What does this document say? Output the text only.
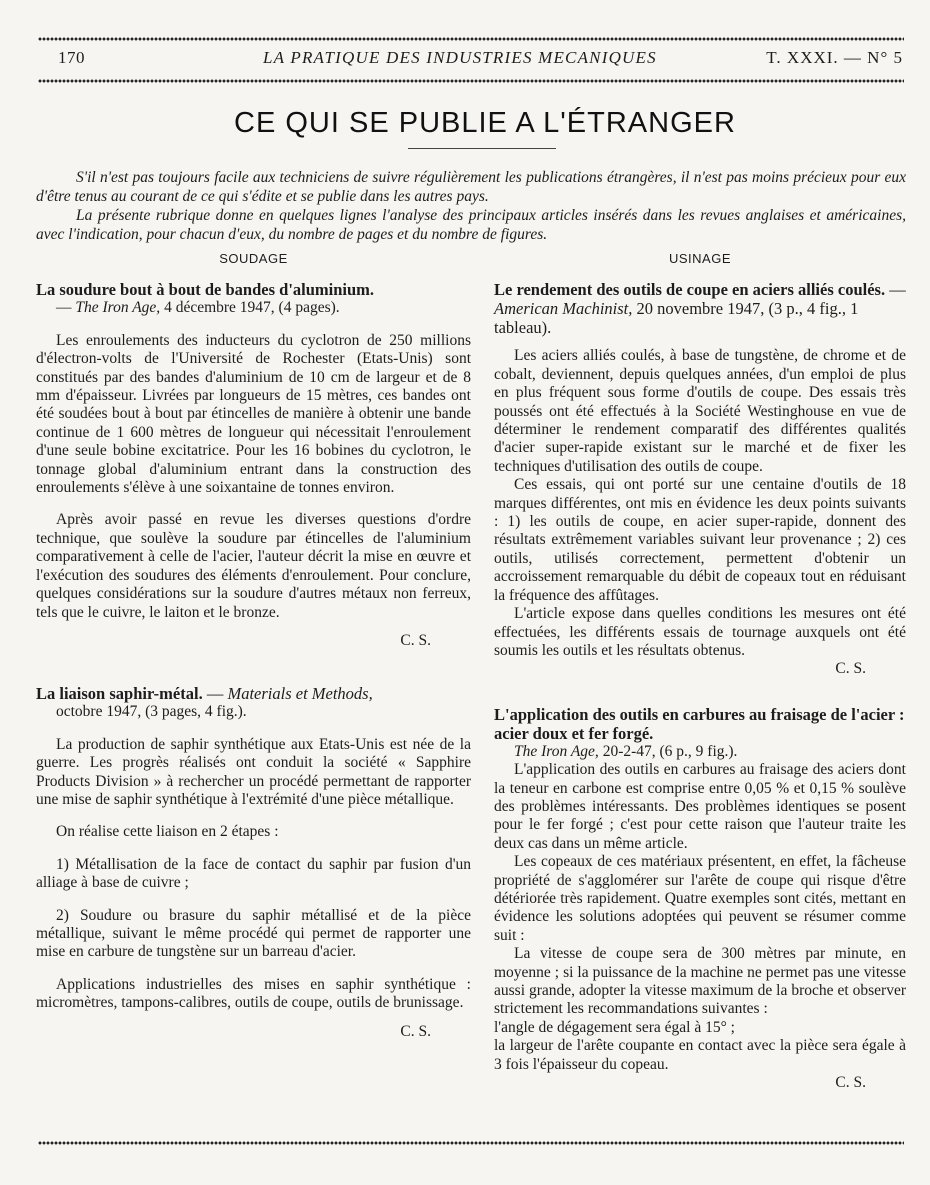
170	LA PRATIQUE DES INDUSTRIES MECANIQUES	T. XXXI. — N° 5
CE QUI SE PUBLIE A L'ÉTRANGER

S'il n'est pas toujours facile aux techniciens de suivre régulièrement les publications étrangères, il n'est pas moins précieux pour eux d'être tenus au courant de ce qui s'édite et se publie dans les autres pays.

La présente rubrique donne en quelques lignes l'analyse des principaux articles insérés dans les revues anglaises et américaines, avec l'indication, pour chacun d'eux, du nombre de pages et du nombre de figures.

SOUDAGE

La soudure bout à bout de bandes d'aluminium.

— The Iron Age, 4 décembre 1947, (4 pages).

Les enroulements des inducteurs du cyclotron de 250 millions d'électron-volts de l'Université de Rochester (Etats-Unis) sont constitués par des bandes d'aluminium de 10 cm de largeur et de 8 mm d'épaisseur. Livrées par longueurs de 15 mètres, ces bandes ont été soudées bout à bout par étincelles de manière à obtenir une bande continue de 1 600 mètres de longueur qui nécessitait l'enroulement d'une seule bobine excitatrice. Pour les 16 bobines du cyclotron, le tonnage global d'aluminium entrant dans la construction des enroulements s'élève à une soixantaine de tonnes environ.

Après avoir passé en revue les diverses questions d'ordre technique, que soulève la soudure par étincelles de l'aluminium comparativement à celle de l'acier, l'auteur décrit la mise en œuvre et l'exécution des soudures des éléments d'enroulement. Pour conclure, quelques considérations sur la soudure d'autres métaux non ferreux, tels que le cuivre, le laiton et le bronze.

C. S.

La liaison saphir-métal. — Materials et Methods,

octobre 1947, (3 pages, 4 fig.).

La production de saphir synthétique aux Etats-Unis est née de la guerre. Les progrès réalisés ont conduit la société « Sapphire Products Division » à rechercher un procédé permettant de rapporter une mise de saphir synthétique à l'extrémité d'une pièce métallique.

On réalise cette liaison en 2 étapes :

1) Métallisation de la face de contact du saphir par fusion d'un alliage à base de cuivre ;

2) Soudure ou brasure du saphir métallisé et de la pièce métallique, suivant le même procédé qui permet de rapporter une mise en carbure de tungstène sur un barreau d'acier.

Applications industrielles des mises en saphir synthétique : micromètres, tampons-calibres, outils de coupe, outils de brunissage.

C. S.
USINAGE

Le rendement des outils de coupe en aciers alliés coulés. — American Machinist, 20 novembre 1947, (3 p., 4 fig., 1 tableau).

Les aciers alliés coulés, à base de tungstène, de chrome et de cobalt, deviennent, depuis quelques années, d'un emploi de plus en plus fréquent sous forme d'outils de coupe. Des essais très poussés ont été effectués à la Société Westinghouse en vue de déterminer le rendement comparatif des différentes qualités d'acier super-rapide existant sur le marché et de fixer les techniques d'utilisation des outils de coupe.

Ces essais, qui ont porté sur une centaine d'outils de 18 marques différentes, ont mis en évidence les deux points suivants : 1) les outils de coupe, en acier super-rapide, donnent des résultats extrêmement variables suivant leur provenance ; 2) ces outils, utilisés correctement, permettent d'obtenir un accroissement remarquable du débit de copeaux tout en réduisant la fréquence des affûtages.

L'article expose dans quelles conditions les mesures ont été effectuées, les différents essais de tournage auxquels ont été soumis les outils et les résultats obtenus.

C. S.

L'application des outils en carbures au fraisage de l'acier : acier doux et fer forgé.

The Iron Age, 20-2-47, (6 p., 9 fig.).

L'application des outils en carbures au fraisage des aciers dont la teneur en carbone est comprise entre 0,05 % et 0,15 % soulève des problèmes intéressants. Des problèmes identiques se posent pour le fer forgé ; c'est pour cette raison que l'auteur traite les deux cas dans un même article.

Les copeaux de ces matériaux présentent, en effet, la fâcheuse propriété de s'agglomérer sur l'arête de coupe qui risque d'être détériorée très rapidement. Quatre exemples sont cités, mettant en évidence les solutions adoptées qui peuvent se résumer comme suit :

La vitesse de coupe sera de 300 mètres par minute, en moyenne ; si la puissance de la machine ne permet pas une vitesse aussi grande, adopter la vitesse maximum de la broche et observer strictement les recommandations suivantes :

l'angle de dégagement sera égal à 15° ;

la largeur de l'arête coupante en contact avec la pièce sera égale à 3 fois l'épaisseur du copeau.

C. S.
